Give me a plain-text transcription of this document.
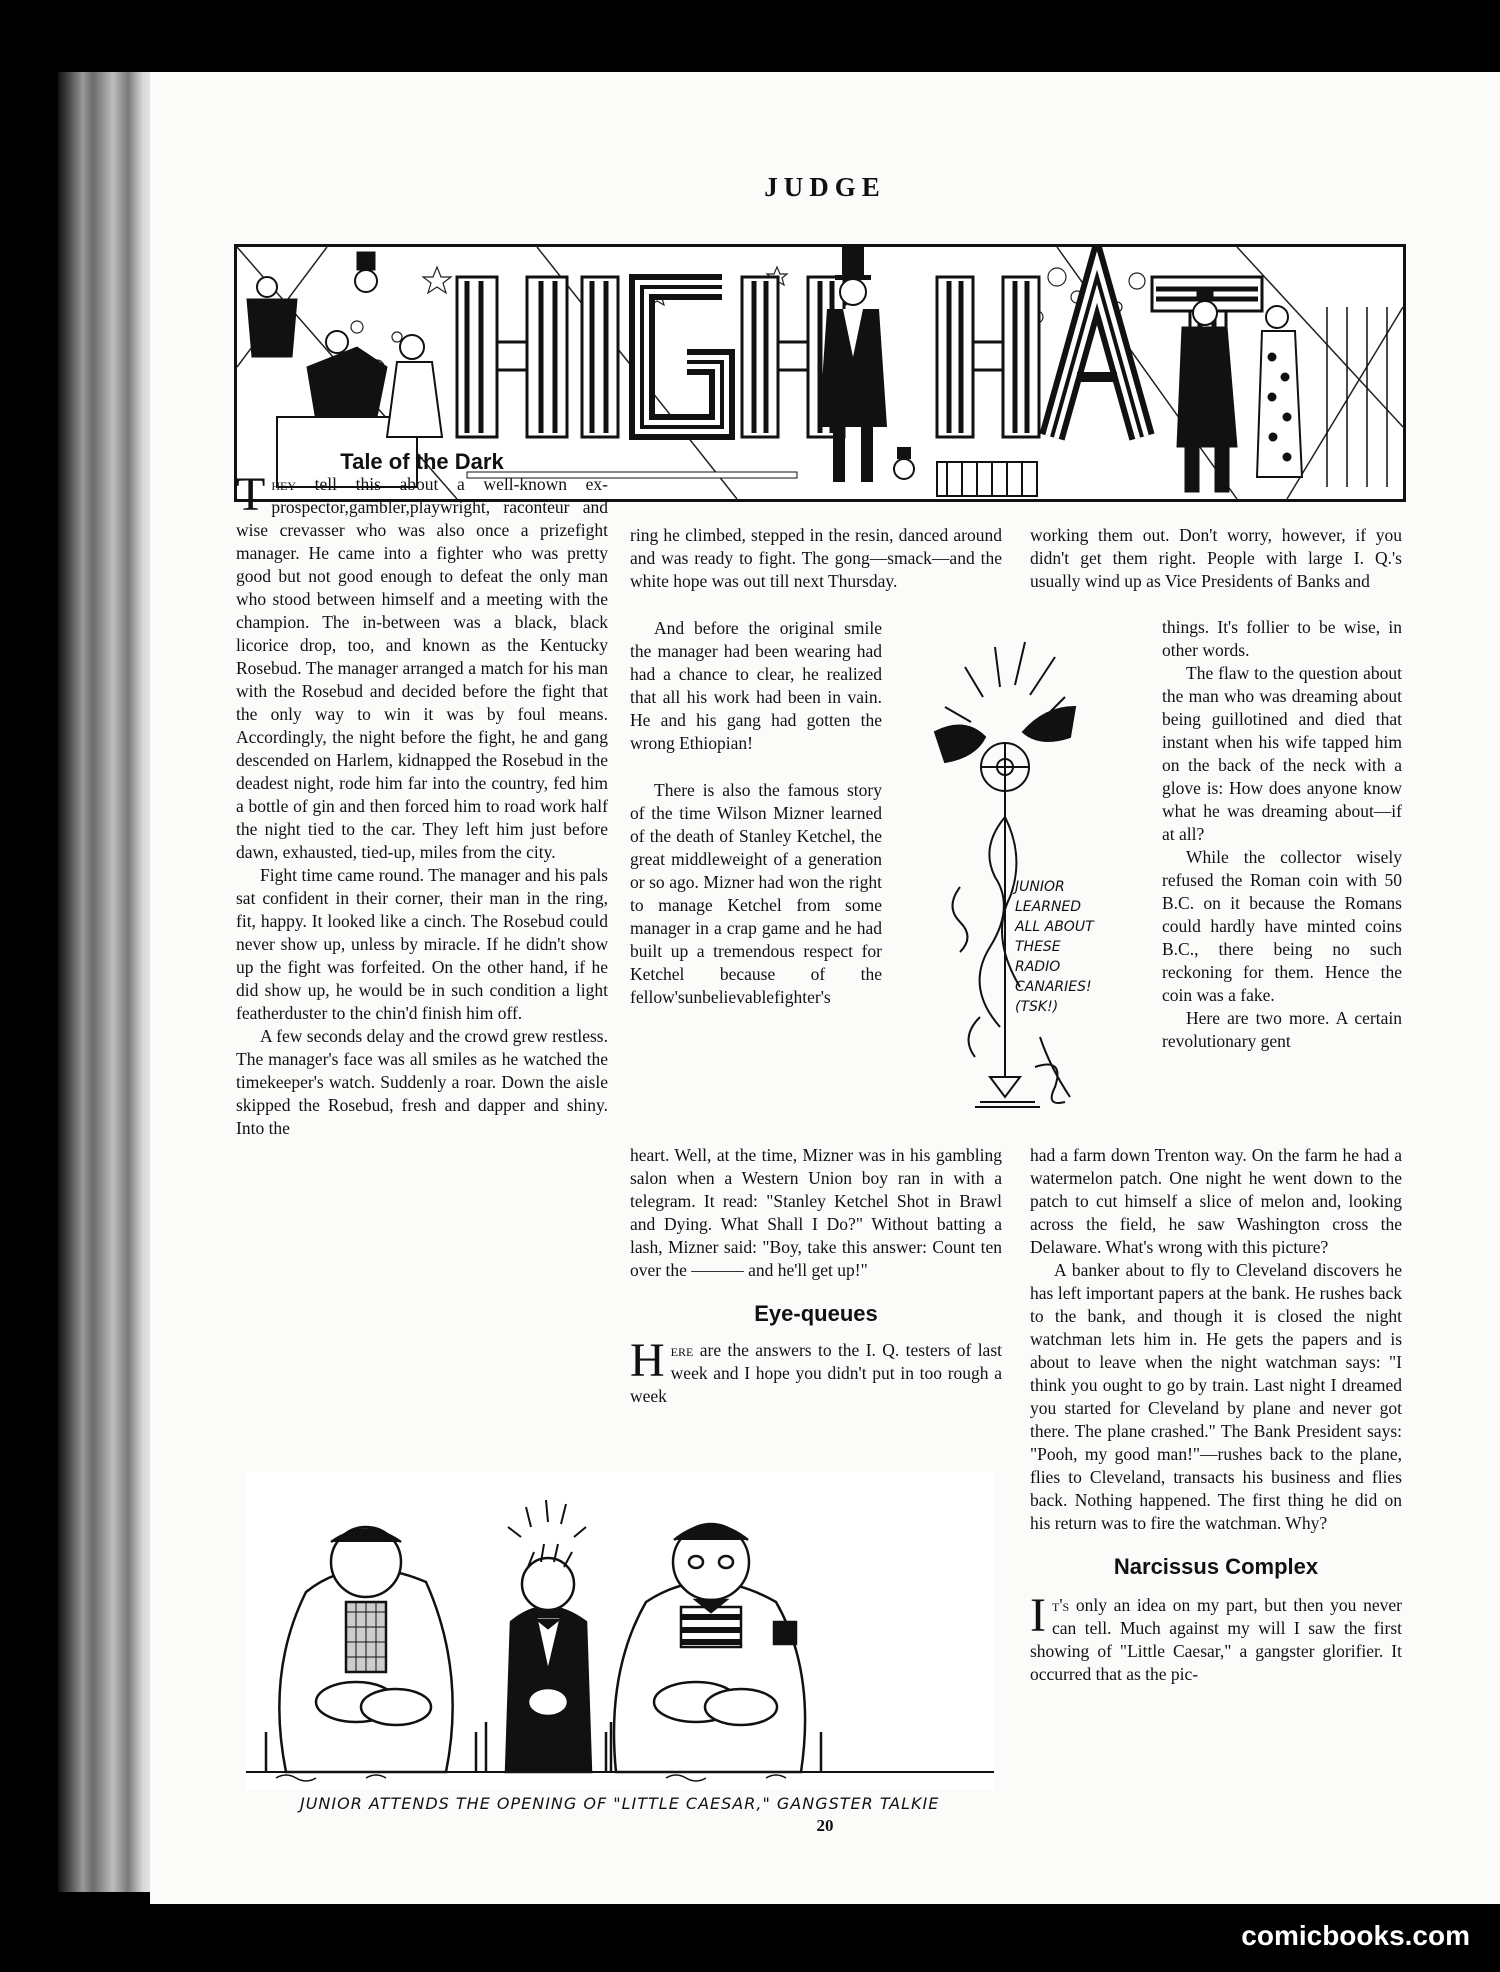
JUDGE
HIGH HAT

Tale of the Dark

They tell this about a well-known ex-prospector,gambler,playwright, raconteur and wise crevasser who was also once a prizefight manager. He came into a fighter who was pretty good but not good enough to defeat the only man who stood between himself and a meeting with the champion. The in-between was a black, black licorice drop, too, and known as the Kentucky Rosebud. The manager arranged a match for his man with the Rosebud and decided before the fight that the only way to win it was by foul means. Accordingly, the night before the fight, he and gang descended on Harlem, kidnapped the Rosebud in the deadest night, rode him far into the country, fed him a bottle of gin and then forced him to road work half the night tied to the car. They left him just before dawn, exhausted, tied-up, miles from the city.

Fight time came round. The manager and his pals sat confident in their corner, their man in the ring, fit, happy. It looked like a cinch. The Rosebud could never show up, unless by miracle. If he didn't show up the fight was forfeited. On the other hand, if he did show up, he would be in such condition a light featherduster to the chin'd finish him off.

A few seconds delay and the crowd grew restless. The manager's face was all smiles as he watched the timekeeper's watch. Suddenly a roar. Down the aisle skipped the Rosebud, fresh and dapper and shiny. Into the

ring he climbed, stepped in the resin, danced around and was ready to fight. The gong—smack—and the white hope was out till next Thursday.

And before the original smile the manager had been wearing had had a chance to clear, he realized that all his work had been in vain. He and his gang had gotten the wrong Ethiopian!

There is also the famous story of the time Wilson Mizner learned of the death of Stanley Ketchel, the great middleweight of a generation or so ago. Mizner had won the right to manage Ketchel from some manager in a crap game and he had built up a tremendous respect for Ketchel because of the fellow'sunbelievablefighter's

heart. Well, at the time, Mizner was in his gambling salon when a Western Union boy ran in with a telegram. It read: "Stanley Ketchel Shot in Brawl and Dying. What Shall I Do?" Without batting a lash, Mizner said: "Boy, take this answer: Count ten over the ——— and he'll get up!"

Eye-queues

Here are the answers to the I. Q. testers of last week and I hope you didn't put in too rough a week

JUNIOR
LEARNED
ALL ABOUT
THESE
RADIO
CANARIES!
(TSK!)

working them out. Don't worry, however, if you didn't get them right. People with large I. Q.'s usually wind up as Vice Presidents of Banks and

things. It's follier to be wise, in other words.

The flaw to the question about the man who was dreaming about being guillotined and died that instant when his wife tapped him on the back of the neck with a glove is: How does anyone know what he was dreaming about—if at all?

While the collector wisely refused the Roman coin with 50 B.C. on it because the Romans could hardly have minted coins B.C., there being no such reckoning for them. Hence the coin was a fake.

Here are two more. A certain revolutionary gent

had a farm down Trenton way. On the farm he had a watermelon patch. One night he went down to the patch to cut himself a slice of melon and, looking across the field, he saw Washington cross the Delaware. What's wrong with this picture?

A banker about to fly to Cleveland discovers he has left important papers at the bank. He rushes back to the bank, and though it is closed the night watchman lets him in. He gets the papers and is about to leave when the night watchman says: "I think you ought to go by train. Last night I dreamed you started for Cleveland by plane and never got there. The plane crashed." The Bank President says: "Pooh, my good man!"—rushes back to the plane, flies to Cleveland, transacts his business and flies back. Nothing happened. The first thing he did on his return was to fire the watchman. Why?

Narcissus Complex

It's only an idea on my part, but then you never can tell. Much against my will I saw the first showing of "Little Caesar," a gangster glorifier. It occurred that as the pic-

JUNIOR ATTENDS THE OPENING OF "LITTLE CAESAR," GANGSTER TALKIE
20
comicbooks.com
